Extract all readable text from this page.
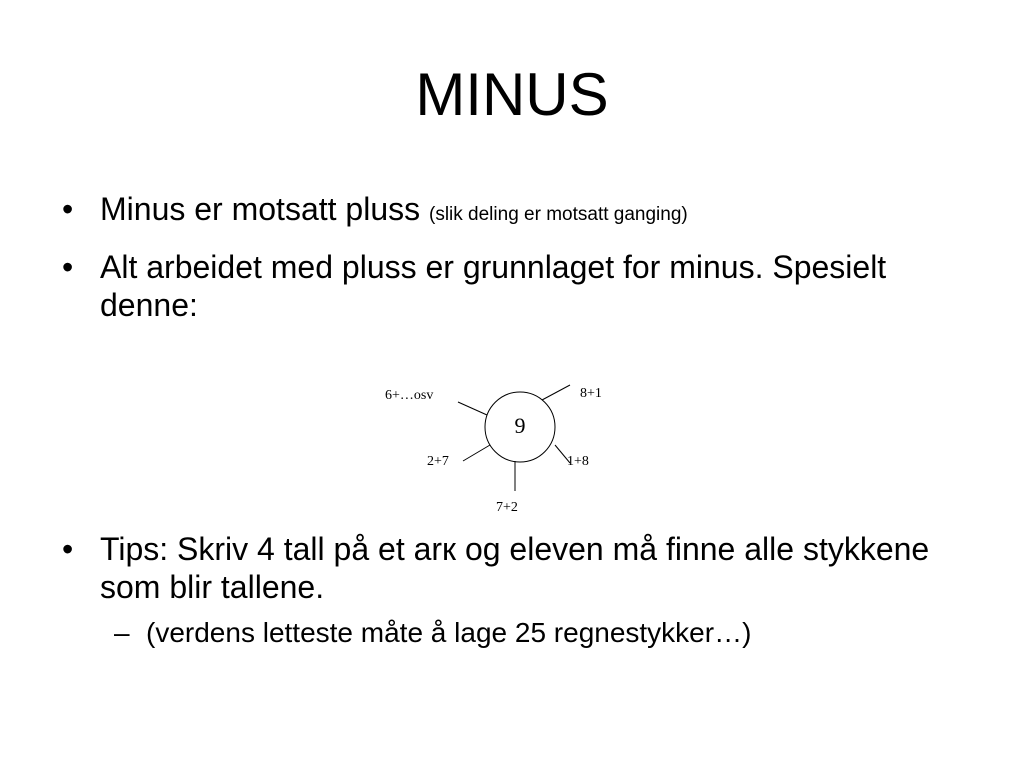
MINUS
• Minus er motsatt pluss (slik deling er motsatt ganging)
• Alt arbeidet med pluss er grunnlaget for minus. Spesielt denne:
9
6+…osv	8+1
2+7	1+8
7+2
• Tips: Skriv 4 tall på et arк og eleven må finne alle stykkene som blir tallene.
– (verdens letteste måte å lage 25 regnestykker…)
